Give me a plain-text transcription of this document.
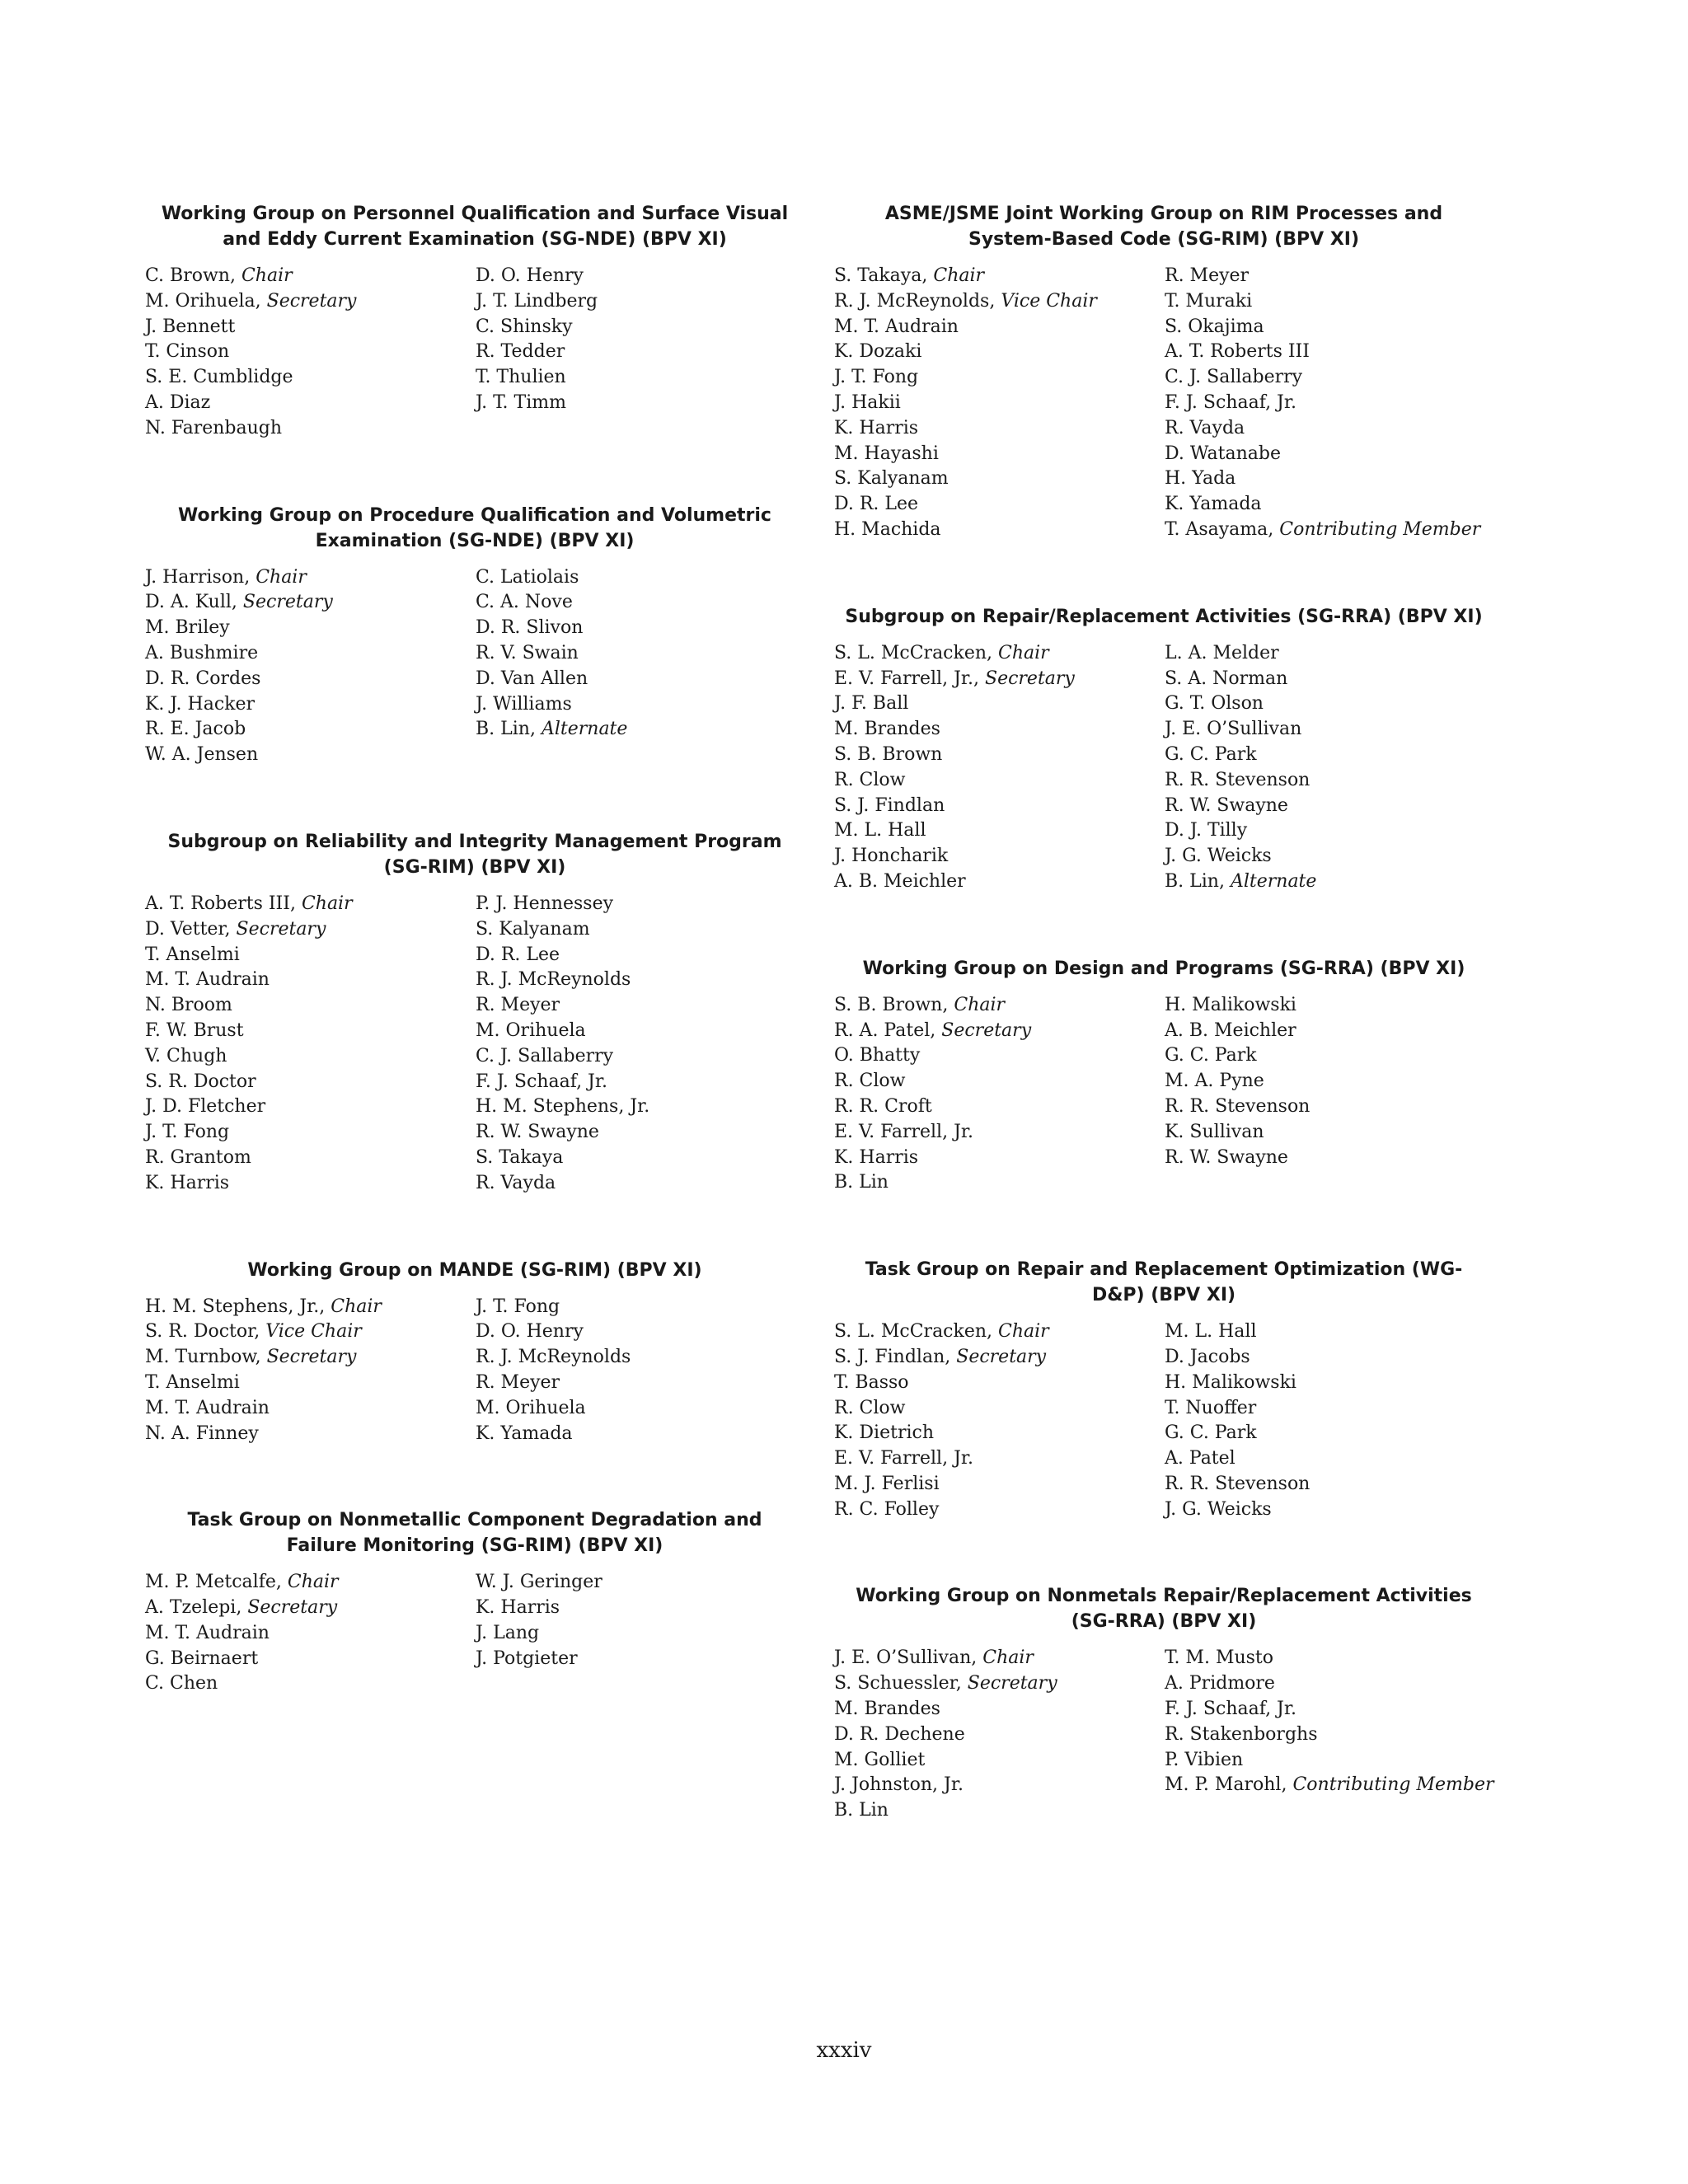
Working Group on Personnel Qualification and Surface Visual and Eddy Current Examination (SG-NDE) (BPV XI)
C. Brown, Chair	D. O. Henry
M. Orihuela, Secretary	J. T. Lindberg
J. Bennett	C. Shinsky
T. Cinson	R. Tedder
S. E. Cumblidge	T. Thulien
A. Diaz	J. T. Timm
N. Farenbaugh
Working Group on Procedure Qualification and Volumetric Examination (SG-NDE) (BPV XI)
J. Harrison, Chair	C. Latiolais
D. A. Kull, Secretary	C. A. Nove
M. Briley	D. R. Slivon
A. Bushmire	R. V. Swain
D. R. Cordes	D. Van Allen
K. J. Hacker	J. Williams
R. E. Jacob	B. Lin, Alternate
W. A. Jensen
Subgroup on Reliability and Integrity Management Program (SG-RIM) (BPV XI)
A. T. Roberts III, Chair	P. J. Hennessey
D. Vetter, Secretary	S. Kalyanam
T. Anselmi	D. R. Lee
M. T. Audrain	R. J. McReynolds
N. Broom	R. Meyer
F. W. Brust	M. Orihuela
V. Chugh	C. J. Sallaberry
S. R. Doctor	F. J. Schaaf, Jr.
J. D. Fletcher	H. M. Stephens, Jr.
J. T. Fong	R. W. Swayne
R. Grantom	S. Takaya
K. Harris	R. Vayda
Working Group on MANDE (SG-RIM) (BPV XI)
H. M. Stephens, Jr., Chair	J. T. Fong
S. R. Doctor, Vice Chair	D. O. Henry
M. Turnbow, Secretary	R. J. McReynolds
T. Anselmi	R. Meyer
M. T. Audrain	M. Orihuela
N. A. Finney	K. Yamada
Task Group on Nonmetallic Component Degradation and Failure Monitoring (SG-RIM) (BPV XI)
M. P. Metcalfe, Chair	W. J. Geringer
A. Tzelepi, Secretary	K. Harris
M. T. Audrain	J. Lang
G. Beirnaert	J. Potgieter
C. Chen
ASME/JSME Joint Working Group on RIM Processes and System-Based Code (SG-RIM) (BPV XI)
S. Takaya, Chair	R. Meyer
R. J. McReynolds, Vice Chair	T. Muraki
M. T. Audrain	S. Okajima
K. Dozaki	A. T. Roberts III
J. T. Fong	C. J. Sallaberry
J. Hakii	F. J. Schaaf, Jr.
K. Harris	R. Vayda
M. Hayashi	D. Watanabe
S. Kalyanam	H. Yada
D. R. Lee	K. Yamada
H. Machida	T. Asayama, Contributing Member
Subgroup on Repair/Replacement Activities (SG-RRA) (BPV XI)
S. L. McCracken, Chair	L. A. Melder
E. V. Farrell, Jr., Secretary	S. A. Norman
J. F. Ball	G. T. Olson
M. Brandes	J. E. O’Sullivan
S. B. Brown	G. C. Park
R. Clow	R. R. Stevenson
S. J. Findlan	R. W. Swayne
M. L. Hall	D. J. Tilly
J. Honcharik	J. G. Weicks
A. B. Meichler	B. Lin, Alternate
Working Group on Design and Programs (SG-RRA) (BPV XI)
S. B. Brown, Chair	H. Malikowski
R. A. Patel, Secretary	A. B. Meichler
O. Bhatty	G. C. Park
R. Clow	M. A. Pyne
R. R. Croft	R. R. Stevenson
E. V. Farrell, Jr.	K. Sullivan
K. Harris	R. W. Swayne
B. Lin
Task Group on Repair and Replacement Optimization (WG-D&P) (BPV XI)
S. L. McCracken, Chair	M. L. Hall
S. J. Findlan, Secretary	D. Jacobs
T. Basso	H. Malikowski
R. Clow	T. Nuoffer
K. Dietrich	G. C. Park
E. V. Farrell, Jr.	A. Patel
M. J. Ferlisi	R. R. Stevenson
R. C. Folley	J. G. Weicks
Working Group on Nonmetals Repair/Replacement Activities (SG-RRA) (BPV XI)
J. E. O’Sullivan, Chair	T. M. Musto
S. Schuessler, Secretary	A. Pridmore
M. Brandes	F. J. Schaaf, Jr.
D. R. Dechene	R. Stakenborghs
M. Golliet	P. Vibien
J. Johnston, Jr.	M. P. Marohl, Contributing Member
B. Lin
xxxiv
